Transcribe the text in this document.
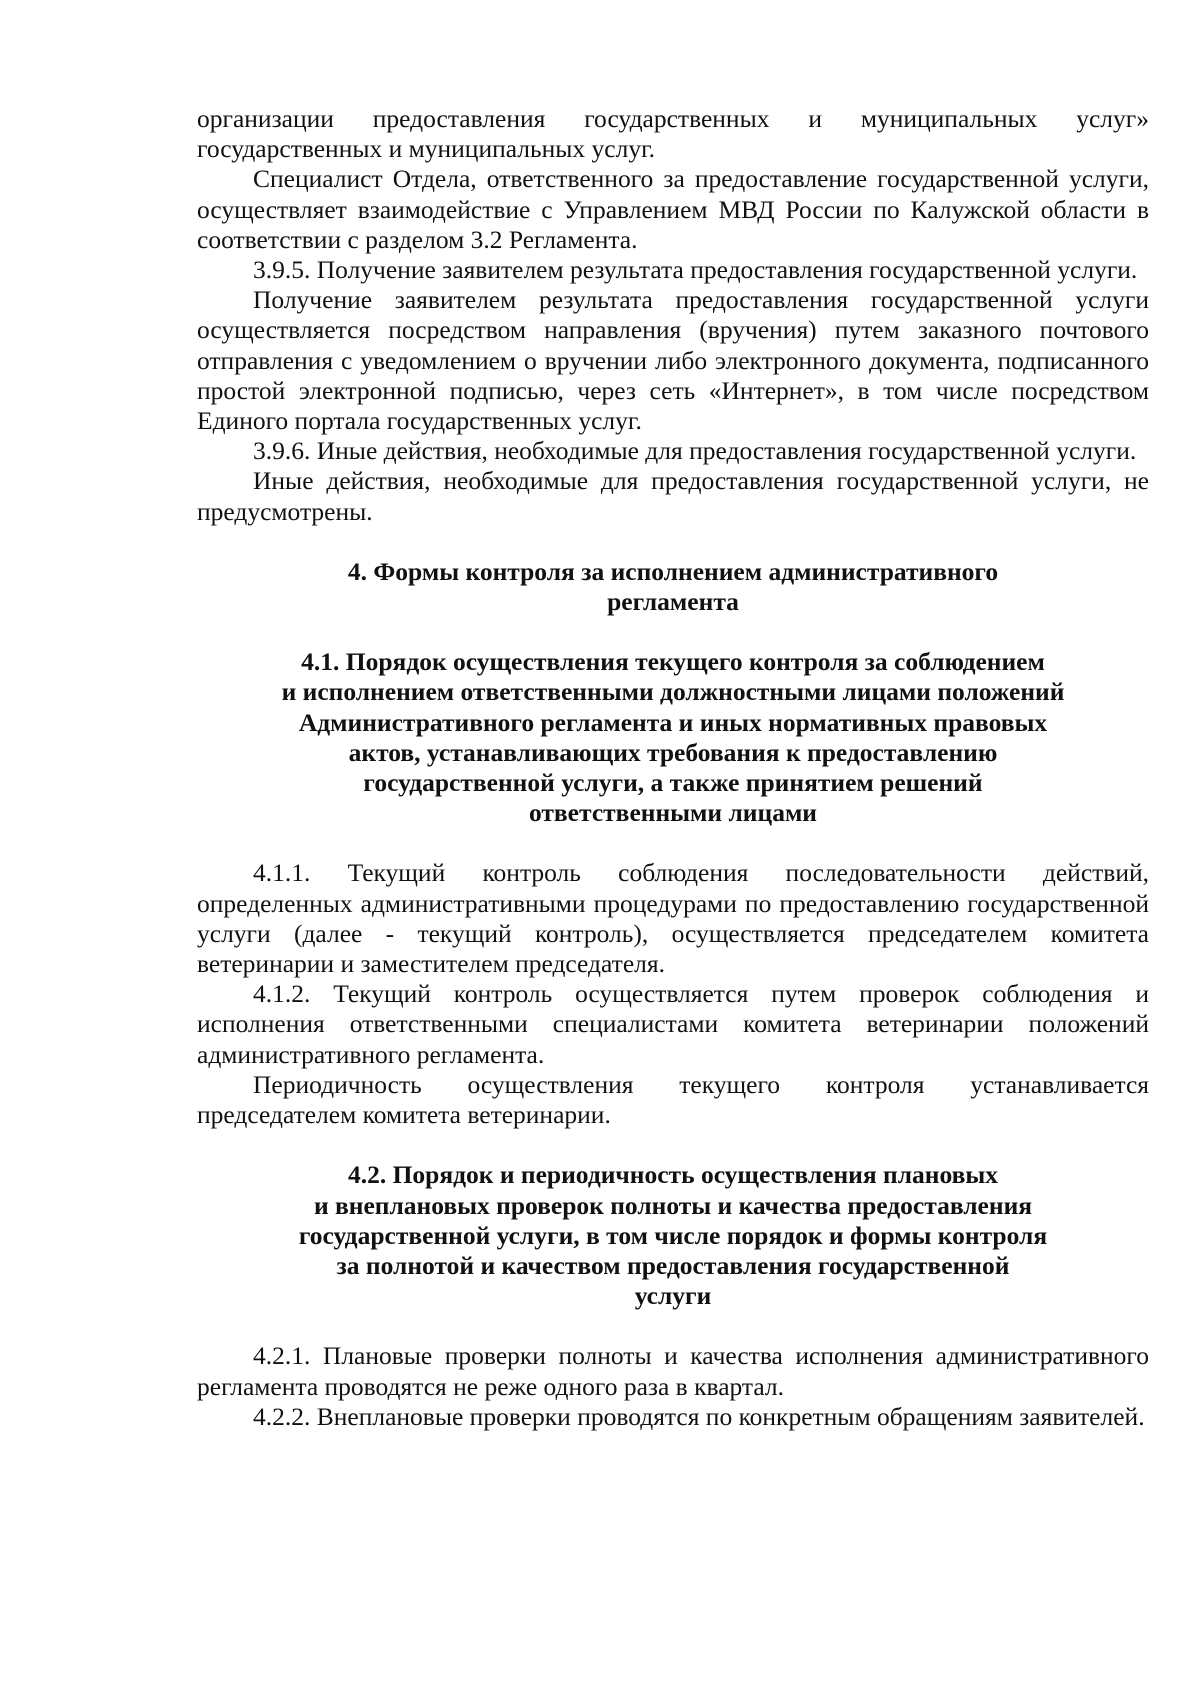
организации предоставления государственных и муниципальных услуг»
государственных и муниципальных услуг.

Специалист Отдела, ответственного за предоставление государственной услуги, осуществляет взаимодействие с Управлением МВД России по Калужской области в соответствии с разделом 3.2 Регламента.

3.9.5. Получение заявителем результата предоставления государственной услуги.

Получение заявителем результата предоставления государственной услуги осуществляется посредством направления (вручения) путем заказного почтового отправления с уведомлением о вручении либо электронного документа, подписанного простой электронной подписью, через сеть «Интернет», в том числе посредством Единого портала государственных услуг.

3.9.6. Иные действия, необходимые для предоставления государственной услуги.

Иные действия, необходимые для предоставления государственной услуги, не предусмотрены.

4. Формы контроля за исполнением административного
регламента
4.1. Порядок осуществления текущего контроля за соблюдением
и исполнением ответственными должностными лицами положений
Административного регламента и иных нормативных правовых
актов, устанавливающих требования к предоставлению
государственной услуги, а также принятием решений
ответственными лицами

4.1.1. Текущий контроль соблюдения последовательности действий, определенных административными процедурами по предоставлению государственной услуги (далее - текущий контроль), осуществляется председателем комитета ветеринарии и заместителем председателя.

4.1.2. Текущий контроль осуществляется путем проверок соблюдения и исполнения ответственными специалистами комитета ветеринарии положений административного регламента.

Периодичность осуществления текущего контроля устанавливается председателем комитета ветеринарии.

4.2. Порядок и периодичность осуществления плановых
и внеплановых проверок полноты и качества предоставления
государственной услуги, в том числе порядок и формы контроля
за полнотой и качеством предоставления государственной
услуги

4.2.1. Плановые проверки полноты и качества исполнения административного регламента проводятся не реже одного раза в квартал.

4.2.2. Внеплановые проверки проводятся по конкретным обращениям заявителей.
